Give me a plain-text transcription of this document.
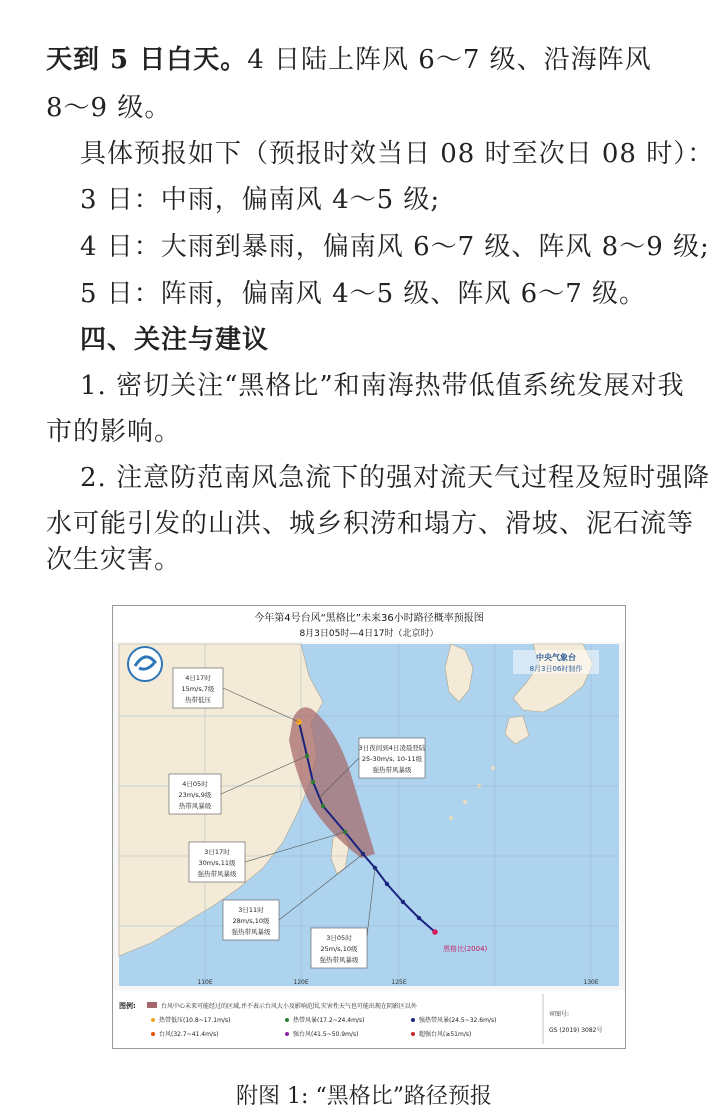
天到 5 日白天。4 日陆上阵风 6～7 级、沿海阵风
8～9 级。
具体预报如下（预报时效当日 08 时至次日 08 时）：
3 日：中雨，偏南风 4～5 级;
4 日：大雨到暴雨，偏南风 6～7 级、阵风 8～9 级;
5 日：阵雨，偏南风 4～5 级、阵风 6～7 级。
四、关注与建议
1. 密切关注“黑格比”和南海热带低值系统发展对我
市的影响。
2. 注意防范南风急流下的强对流天气过程及短时强降
水可能引发的山洪、城乡积涝和塌方、滑坡、泥石流等
次生灾害。
今年第4号台风“黑格比”未来36小时路径概率预报图
8月3日05时—4日17时（北京时）
110E	120E	125E	130E
中央气象台
8月3日06时制作
黑格比(2004)
4日17时
15m/s,7级
热带低压
4日05时
23m/s,9级
热带风暴级
3日17时
30m/s,11级
强热带风暴级
3日11时
28m/s,10级
强热带风暴级
3日05时
25m/s,10级
强热带风暴级
3日夜间到4日凌晨登陆
25-30m/s, 10-11级
强热带风暴级
图例:	台风中心未来可能经过的区域,并不表示台风大小及影响范围,灾害性天气也可能出现在阴影区以外
热带低压(10.8~17.1m/s)	热带风暴(17.2~24.4m/s)	强热带风暴(24.5~32.6m/s)
台风(32.7~41.4m/s)	强台风(41.5~50.9m/s)	超强台风(≥51m/s)
审图号:
GS (2019) 3082号
附图 1: “黑格比”路径预报
